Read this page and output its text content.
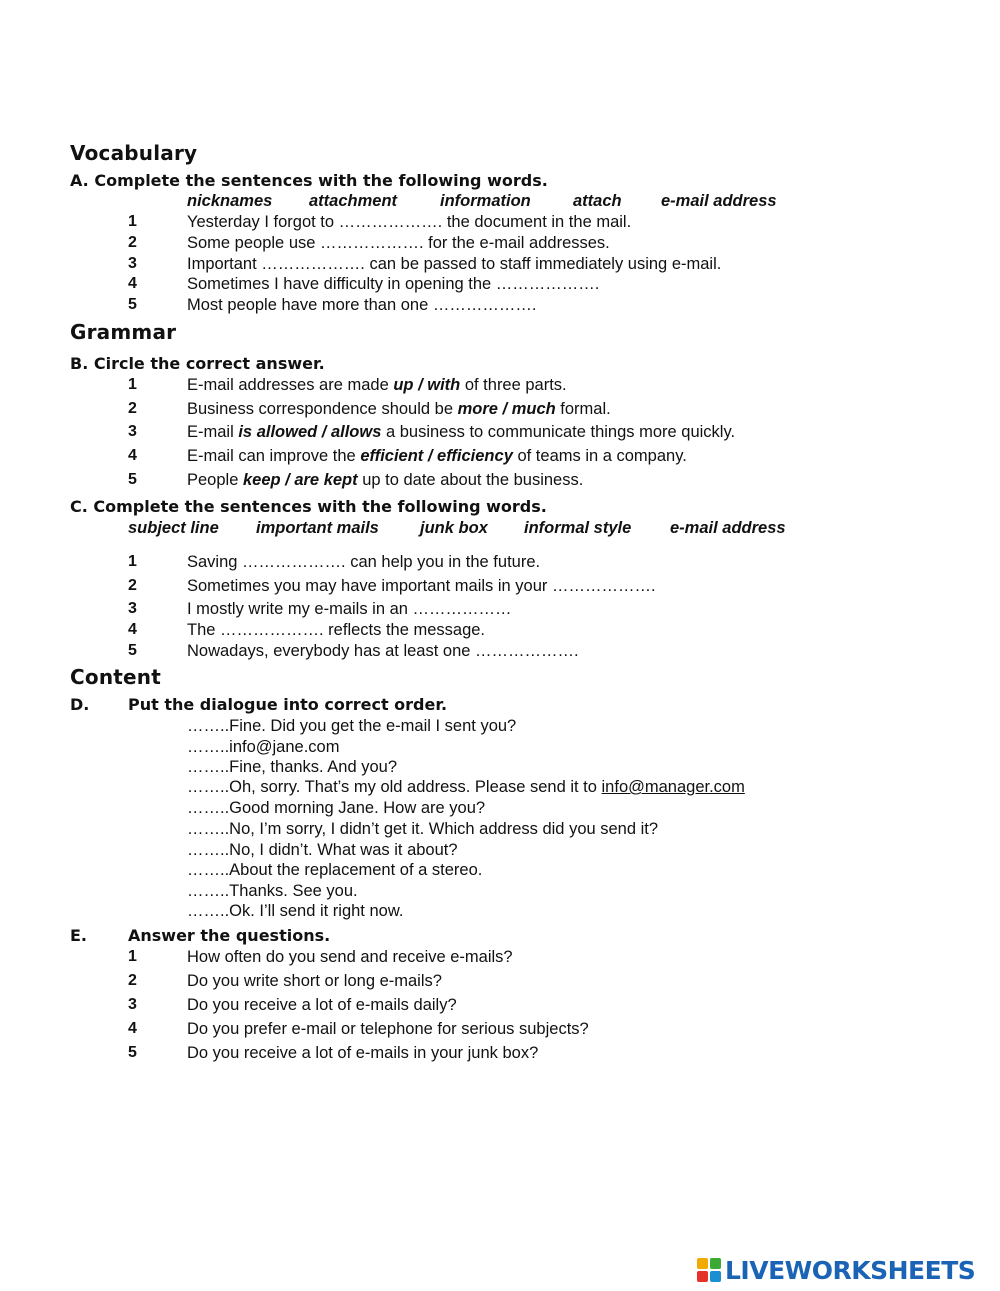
Vocabulary
A. Complete the sentences with the following words.
nicknames attachment	information	attach e-mail address
1	Yesterday I forgot to ………………. the document in the mail.
2	Some people use ………………. for the e-mail addresses.
3	Important ………………. can be passed to staff immediately using e-mail.
4	Sometimes I have difficulty in opening the ……………….
5	Most people have more than one ……………….
Grammar
B. Circle the correct answer.
1	E-mail addresses are made up / with of three parts.
2	Business correspondence should be more / much formal.
3	E-mail is allowed / allows a business to communicate things more quickly.
4	E-mail can improve the efficient / efficiency of teams in a company.
5	People keep / are kept up to date about the business.
C. Complete the sentences with the following words.
subject line important mails junk box informal style e-mail address
1	Saving ………………. can help you in the future.
2	Sometimes you may have important mails in your ……………….
3	I mostly write my e-mails in an ………………
4	The ………………. reflects the message.
5	Nowadays, everybody has at least one ……………….
Content
D. Put the dialogue into correct order.
……..Fine. Did you get the e-mail I sent you?
……..info@jane.com
……..Fine, thanks. And you?
……..Oh, sorry. That’s my old address. Please send it to info@manager.com
……..Good morning Jane. How are you?
……..No, I’m sorry, I didn’t get it. Which address did you send it?
……..No, I didn’t. What was it about?
……..About the replacement of a stereo.
……..Thanks. See you.
……..Ok. I’ll send it right now.
E.	Answer the questions.
1	How often do you send and receive e-mails?
2	Do you write short or long e-mails?
3	Do you receive a lot of e-mails daily?
4	Do you prefer e-mail or telephone for serious subjects?
5	Do you receive a lot of e-mails in your junk box?
LIVEWORKSHEETS
